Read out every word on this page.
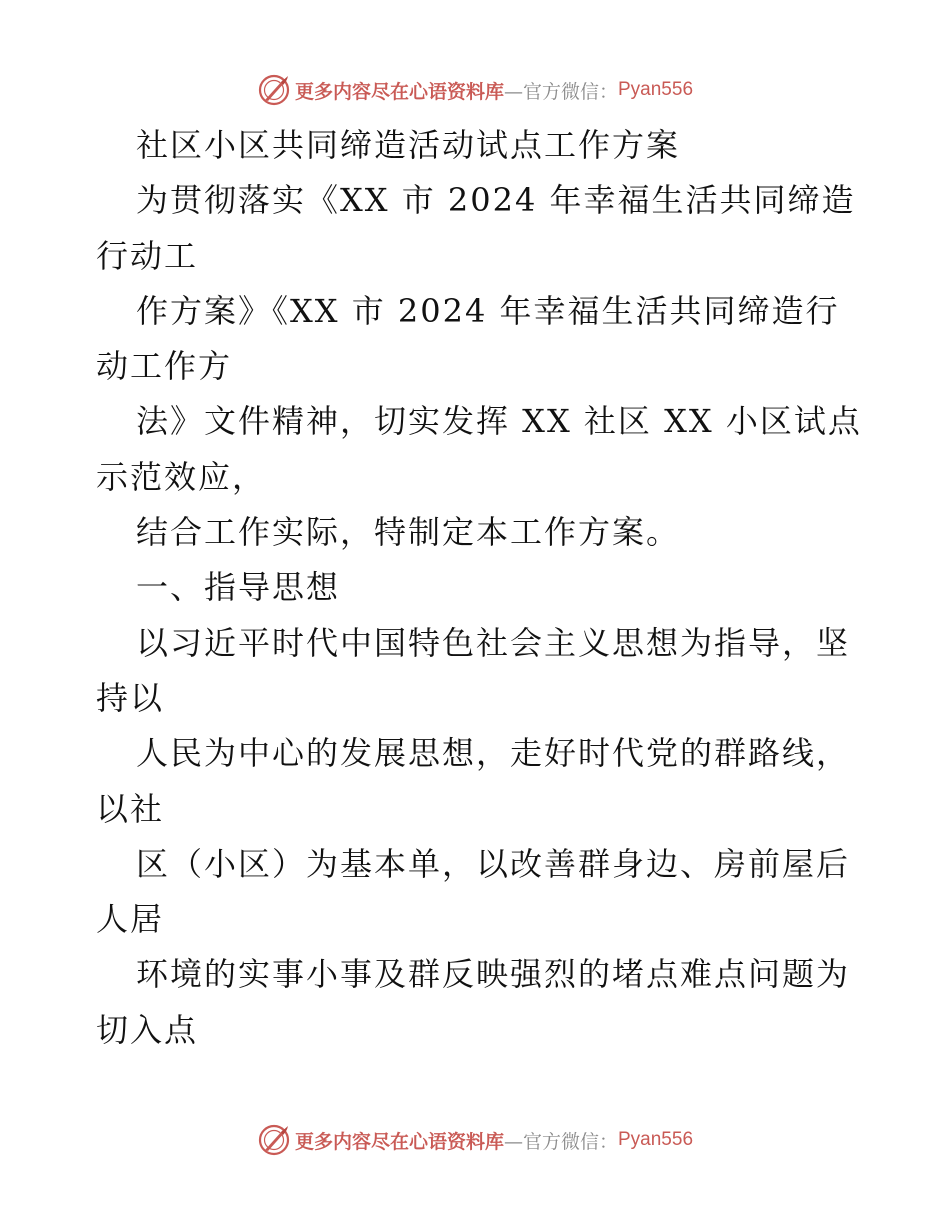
更多内容尽在心语资料库 —官方微信： Pyan556
社区小区共同缔造活动试点工作方案
为贯彻落实《XX 市 2024 年幸福生活共同缔造
行动工
作方案》《XX 市 2024 年幸福生活共同缔造行
动工作方
法》文件精神，切实发挥 XX 社区 XX 小区试点
示范效应，
结合工作实际，特制定本工作方案。
一、指导思想
以习近平时代中国特色社会主义思想为指导，坚
持以
人民为中心的发展思想，走好时代党的群路线，
以社
区（小区）为基本单，以改善群身边、房前屋后
人居
环境的实事小事及群反映强烈的堵点难点问题为
切入点
更多内容尽在心语资料库 —官方微信： Pyan556
